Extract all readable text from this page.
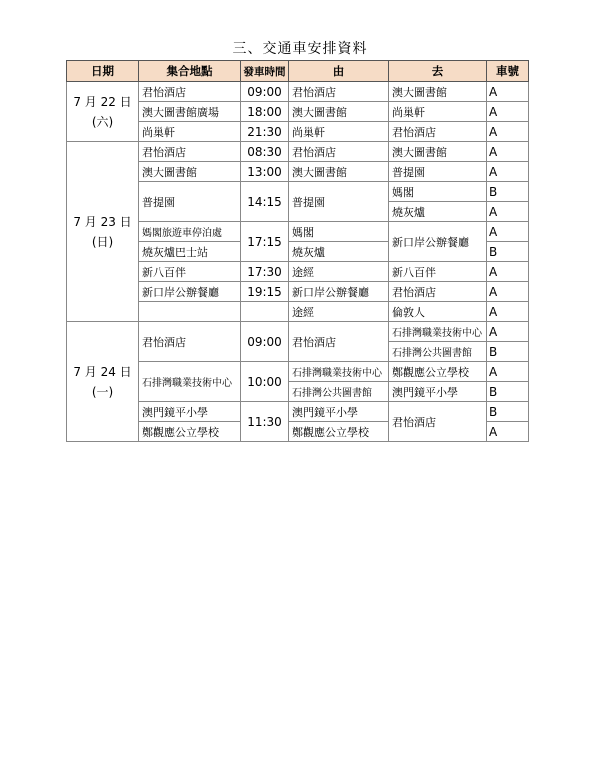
三、交通車安排資料
日期	集合地點	發車時間	由	去	車號

7 月 22 日
(六)	君怡酒店	09:00	君怡酒店	澳大圖書館	A
	澳大圖書館廣場	18:00	澳大圖書館	尚巢軒	A
	尚巢軒	21:30	尚巢軒	君怡酒店	A

7 月 23 日
(日)	君怡酒店	08:30	君怡酒店	澳大圖書館	A
	澳大圖書館	13:00	澳大圖書館	普提園	A
	普提園	14:15	普提園	媽閣	B
				燒灰爐	A
	媽閣旅遊車停泊處	17:15	媽閣	新口岸公辦餐廳	A
	燒灰爐巴士站		燒灰爐		B
	新八百伴	17:30	途經	新八百伴	A
	新口岸公辦餐廳	19:15	新口岸公辦餐廳	君怡酒店	A
			途經	倫敦人	A

7 月 24 日
(一)	君怡酒店	09:00	君怡酒店	石排灣職業技術中心	A
				石排灣公共圖書館	B
	石排灣職業技術中心	10:00	石排灣職業技術中心	鄭觀應公立學校	A
			石排灣公共圖書館	澳門鏡平小學	B
	澳門鏡平小學	11:30	澳門鏡平小學	君怡酒店	B
	鄭觀應公立學校		鄭觀應公立學校		A
